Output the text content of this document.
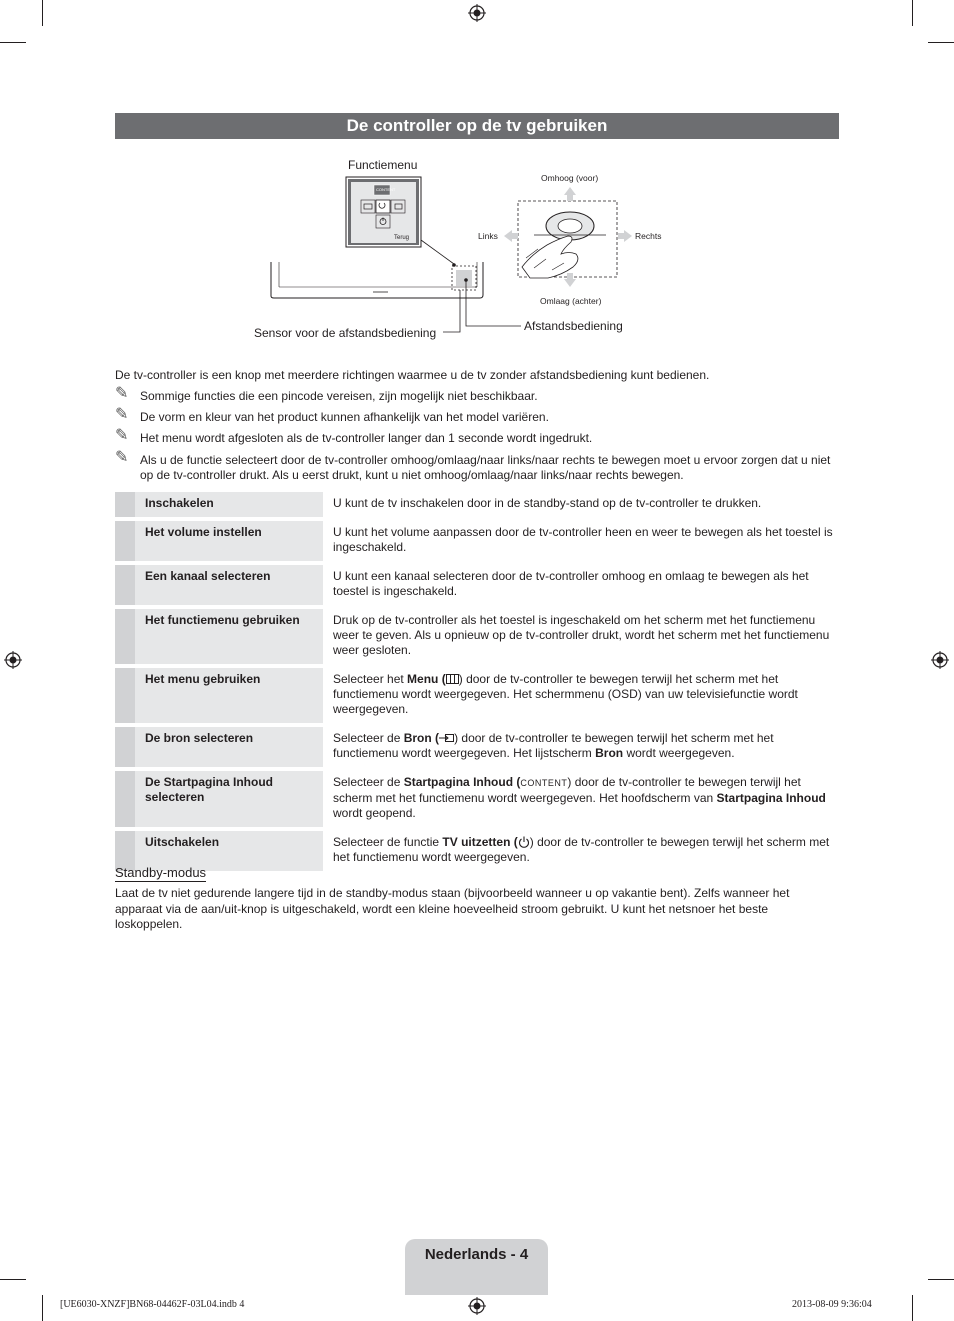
De controller op de tv gebruiken
Functiemenu
CONTENT
Terug
Sensor voor de afstandsbediening	Afstandsbediening
Omhoog (voor)
Omlaag (achter)
Links	Rechts
De tv-controller is een knop met meerdere richtingen waarmee u de tv zonder afstandsbediening kunt bedienen.
✎ Sommige functies die een pincode vereisen, zijn mogelijk niet beschikbaar.
✎ De vorm en kleur van het product kunnen afhankelijk van het model variëren.
✎ Het menu wordt afgesloten als de tv-controller langer dan 1 seconde wordt ingedrukt.
✎ Als u de functie selecteert door de tv-controller omhoog/omlaag/naar links/naar rechts te bewegen moet u ervoor zorgen dat u niet op de tv-controller drukt. Als u eerst drukt, kunt u niet omhoog/omlaag/naar links/naar rechts bewegen.
	Inschakelen		U kunt de tv inschakelen door in de standby-stand op de tv-controller te drukken.
	Het volume instellen		U kunt het volume aanpassen door de tv-controller heen en weer te bewegen als het toestel is ingeschakeld.
	Een kanaal selecteren		U kunt een kanaal selecteren door de tv-controller omhoog en omlaag te bewegen als het toestel is ingeschakeld.
	Het functiemenu gebruiken		Druk op de tv-controller als het toestel is ingeschakeld om het scherm met het functiemenu weer te geven. Als u opnieuw op de tv-controller drukt, wordt het scherm met het functiemenu weer gesloten.
	Het menu gebruiken		Selecteer het Menu ( ) door de tv-controller te bewegen terwijl het scherm met het functiemenu wordt weergegeven. Het schermmenu (OSD) van uw televisiefunctie wordt weergegeven.
	De bron selecteren		Selecteer de Bron ( ) door de tv-controller te bewegen terwijl het scherm met het functiemenu wordt weergegeven. Het lijstscherm Bron wordt weergegeven.
	De Startpagina Inhoud selecteren		Selecteer de Startpagina Inhoud (CONTENT) door de tv-controller te bewegen terwijl het scherm met het functiemenu wordt weergegeven. Het hoofdscherm van Startpagina Inhoud wordt geopend.
	Uitschakelen		Selecteer de functie TV uitzetten ( ) door de tv-controller te bewegen terwijl het scherm met het functiemenu wordt weergegeven.
Standby-modus
Laat de tv niet gedurende langere tijd in de standby-modus staan (bijvoorbeeld wanneer u op vakantie bent). Zelfs wanneer het apparaat via de aan/uit-knop is uitgeschakeld, wordt een kleine hoeveelheid stroom gebruikt. U kunt het netsnoer het beste loskoppelen.
Nederlands - 4
[UE6030-XNZF]BN68-04462F-03L04.indb 4	2013-08-09 9:36:04
